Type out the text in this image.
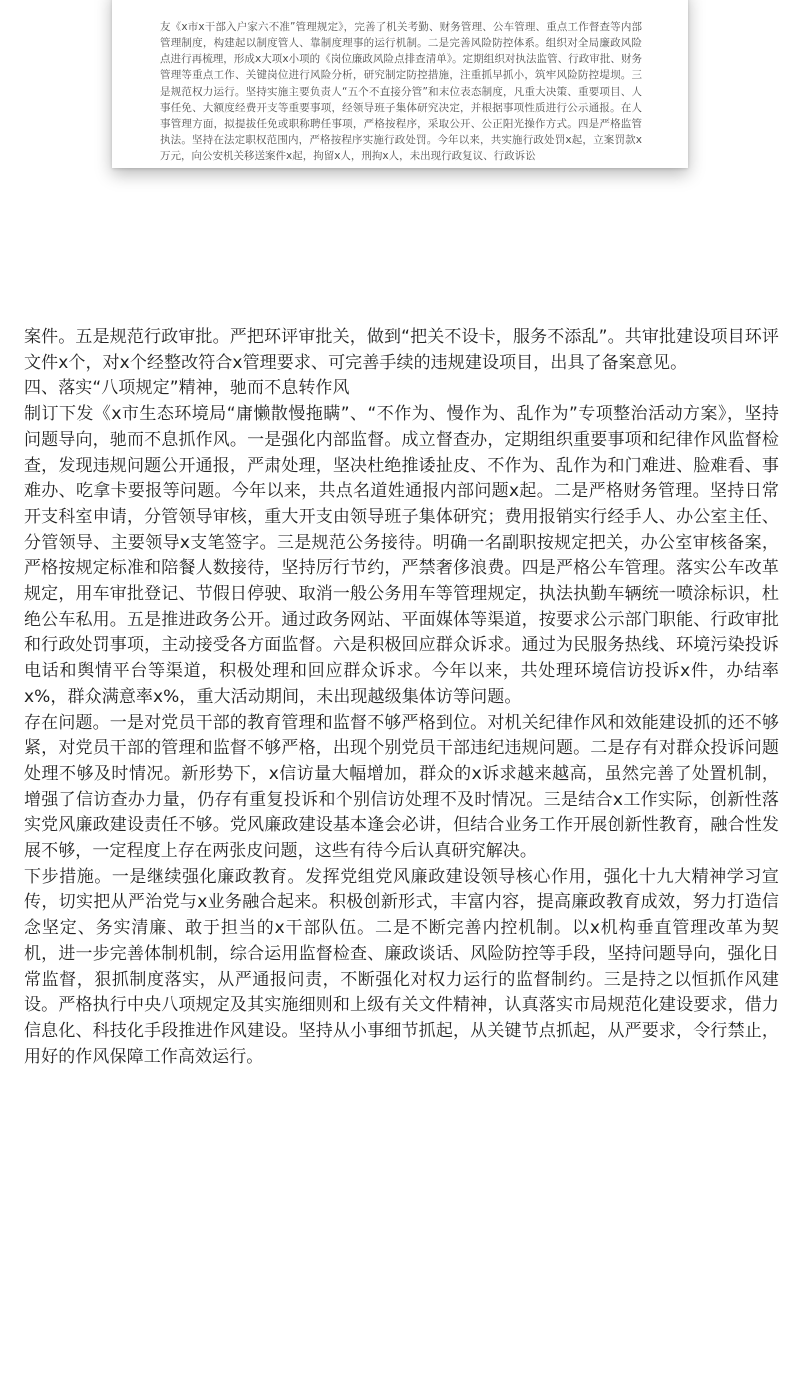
友《x市x干部入户家六不准”管理规定》，完善了机关考勤、财务管理、公车管理、重点工作督查等内部管理制度，构建起以制度管人、靠制度理事的运行机制。二是完善风险防控体系。组织对全局廉政风险点进行再梳理，形成x大项x小项的《岗位廉政风险点排查清单》。定期组织对执法监管、行政审批、财务管理等重点工作、关键岗位进行风险分析，研究制定防控措施，注重抓早抓小，筑牢风险防控堤坝。三是规范权力运行。坚持实施主要负责人“五个不直接分管”和末位表态制度，凡重大决策、重要项目、人事任免、大额度经费开支等重要事项，经领导班子集体研究决定，并根据事项性质进行公示通报。在人事管理方面，拟提拔任免或职称聘任事项，严格按程序，采取公开、公正阳光操作方式。四是严格监管执法。坚持在法定职权范围内，严格按程序实施行政处罚。今年以来，共实施行政处罚x起，立案罚款x万元，向公安机关移送案件x起，拘留x人，刑拘x人，未出现行政复议、行政诉讼

案件。五是规范行政审批。严把环评审批关，做到“把关不设卡，服务不添乱”。共审批建设项目环评文件x个，对x个经整改符合x管理要求、可完善手续的违规建设项目，出具了备案意见。

四、落实“八项规定”精神，驰而不息转作风

制订下发《x市生态环境局“庸懒散慢拖瞒”、“不作为、慢作为、乱作为”专项整治活动方案》，坚持问题导向，驰而不息抓作风。一是强化内部监督。成立督查办，定期组织重要事项和纪律作风监督检查，发现违规问题公开通报，严肃处理，坚决杜绝推诿扯皮、不作为、乱作为和门难进、脸难看、事难办、吃拿卡要报等问题。今年以来，共点名道姓通报内部问题x起。二是严格财务管理。坚持日常开支科室申请，分管领导审核，重大开支由领导班子集体研究；费用报销实行经手人、办公室主任、分管领导、主要领导x支笔签字。三是规范公务接待。明确一名副职按规定把关，办公室审核备案，严格按规定标准和陪餐人数接待，坚持厉行节约，严禁奢侈浪费。四是严格公车管理。落实公车改革规定，用车审批登记、节假日停驶、取消一般公务用车等管理规定，执法执勤车辆统一喷涂标识，杜绝公车私用。五是推进政务公开。通过政务网站、平面媒体等渠道，按要求公示部门职能、行政审批和行政处罚事项，主动接受各方面监督。六是积极回应群众诉求。通过为民服务热线、环境污染投诉电话和舆情平台等渠道，积极处理和回应群众诉求。今年以来，共处理环境信访投诉x件，办结率x%，群众满意率x%，重大活动期间，未出现越级集体访等问题。

存在问题。一是对党员干部的教育管理和监督不够严格到位。对机关纪律作风和效能建设抓的还不够紧，对党员干部的管理和监督不够严格，出现个别党员干部违纪违规问题。二是存有对群众投诉问题处理不够及时情况。新形势下，x信访量大幅增加，群众的x诉求越来越高，虽然完善了处置机制，增强了信访查办力量，仍存有重复投诉和个别信访处理不及时情况。三是结合x工作实际，创新性落实党风廉政建设责任不够。党风廉政建设基本逢会必讲，但结合业务工作开展创新性教育，融合性发展不够，一定程度上存在两张皮问题，这些有待今后认真研究解决。

下步措施。一是继续强化廉政教育。发挥党组党风廉政建设领导核心作用，强化十九大精神学习宣传，切实把从严治党与x业务融合起来。积极创新形式，丰富内容，提高廉政教育成效，努力打造信念坚定、务实清廉、敢于担当的x干部队伍。二是不断完善内控机制。以x机构垂直管理改革为契机，进一步完善体制机制，综合运用监督检查、廉政谈话、风险防控等手段，坚持问题导向，强化日常监督，狠抓制度落实，从严通报问责，不断强化对权力运行的监督制约。三是持之以恒抓作风建设。严格执行中央八项规定及其实施细则和上级有关文件精神，认真落实市局规范化建设要求，借力信息化、科技化手段推进作风建设。坚持从小事细节抓起，从关键节点抓起，从严要求，令行禁止，用好的作风保障工作高效运行。
